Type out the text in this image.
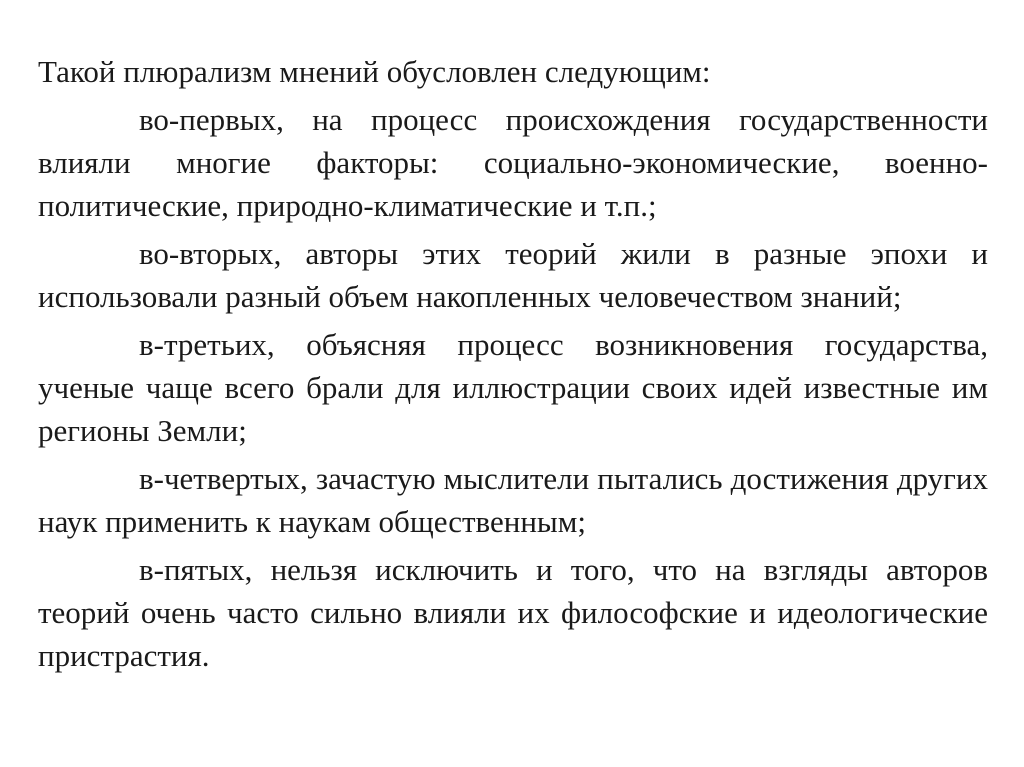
Такой плюрализм мнений обусловлен следующим:

во-первых, на процесс происхождения государственности влияли многие факторы: социально-экономические, военно-политические, природно-климатические и т.п.;

во-вторых, авторы этих теорий жили в разные эпохи и использовали разный объем накопленных человечеством знаний;

в-третьих, объясняя процесс возникновения государства, ученые чаще всего брали для иллюстрации своих идей известные им регионы Земли;

в-четвертых, зачастую мыслители пытались достижения других наук применить к наукам общественным;

в-пятых, нельзя исключить и того, что на взгляды авторов теорий очень часто сильно влияли их философские и идеологические пристрастия.
